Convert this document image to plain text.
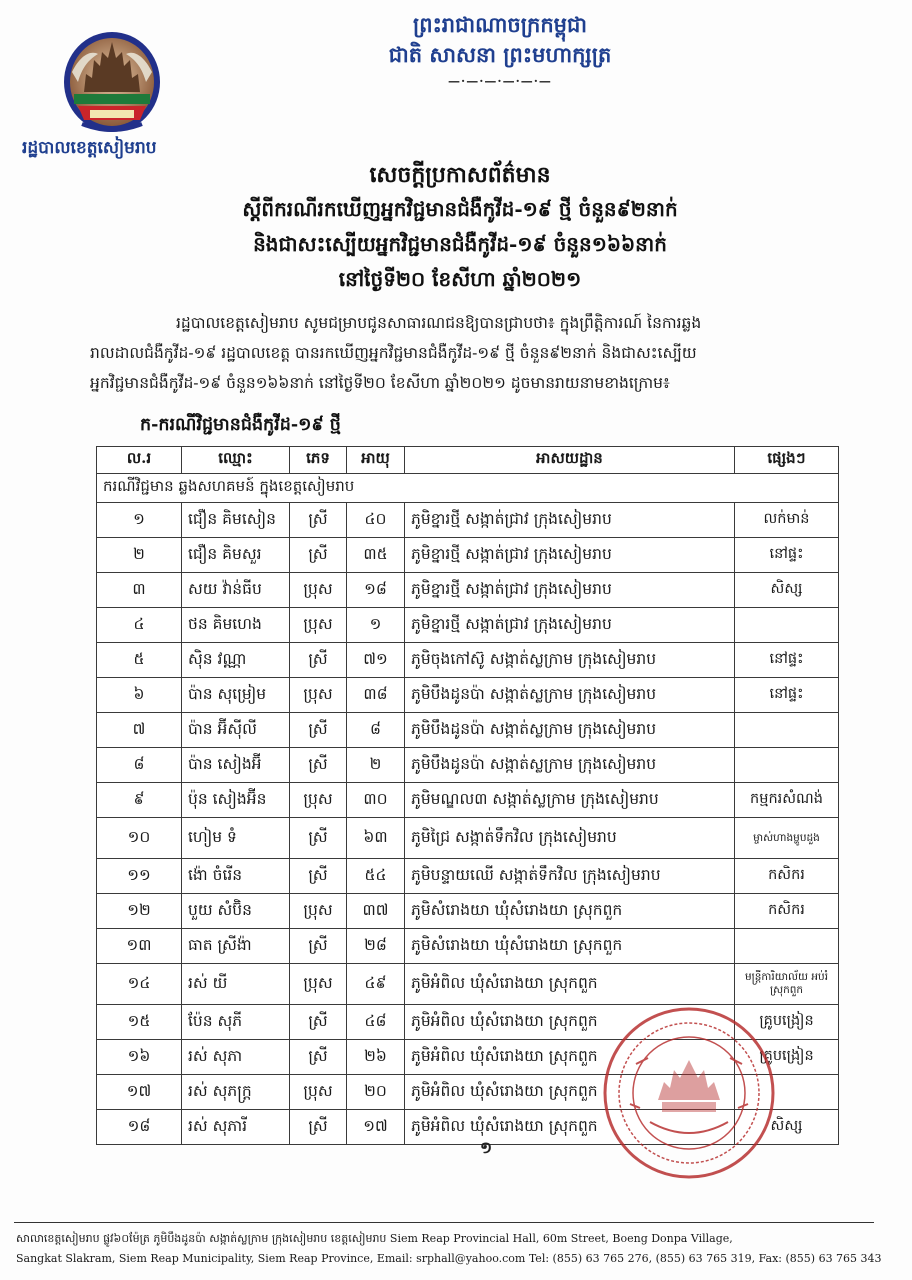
រដ្ឋបាលខេត្តសៀមរាប
ព្រះរាជាណាចក្រកម្ពុជា
ជាតិ សាសនា ព្រះមហាក្សត្រ
—·—·—·—·—·—
សេចក្តីប្រកាសព័ត៌មាន
ស្តីពីករណីរកឃើញអ្នកវិជ្ជមានជំងឺកូវីដ-១៩ ថ្មី ចំនួន៩២នាក់
និងជាសះស្បើយអ្នកវិជ្ជមានជំងឺកូវីដ-១៩ ចំនួន១៦៦នាក់
នៅថ្ងៃទី២០ ខែសីហា ឆ្នាំ២០២១
រដ្ឋបាលខេត្តសៀមរាប សូមជម្រាបជូនសាធារណជនឱ្យបានជ្រាបថា៖ ក្នុងព្រឹត្តិការណ៍ នៃការឆ្លង
រាលដាលជំងឺកូវីដ-១៩ រដ្ឋបាលខេត្ត បានរកឃើញអ្នកវិជ្ជមានជំងឺកូវីដ-១៩ ថ្មី ចំនួន៩២នាក់ និងជាសះស្បើយ
អ្នកវិជ្ជមានជំងឺកូវីដ-១៩ ចំនួន១៦៦នាក់ នៅថ្ងៃទី២០ ខែសីហា ឆ្នាំ២០២១ ដូចមានរាយនាមខាងក្រោម៖
ក-ករណីវិជ្ជមានជំងឺកូវីដ-១៩ ថ្មី
ល.រ	ឈ្មោះ	ភេទ	អាយុ	អាសយដ្ឋាន	ផ្សេងៗ
ករណីវិជ្ជមាន ឆ្លងសហគមន៍ ក្នុងខេត្តសៀមរាប					
១	ជឿន គិមសៀន	ស្រី	៤០	ភូមិខ្នារថ្មី សង្កាត់ជ្រាវ ក្រុងសៀមរាប	លក់មាន់
២	ជឿន គិមសួរ	ស្រី	៣៥	ភូមិខ្នារថ្មី សង្កាត់ជ្រាវ ក្រុងសៀមរាប	នៅផ្ទះ
៣	សយ វ៉ាន់ធីប	ប្រុស	១៨	ភូមិខ្នារថ្មី សង្កាត់ជ្រាវ ក្រុងសៀមរាប	សិស្ស
៤	ថន គិមហេង	ប្រុស	១	ភូមិខ្នារថ្មី សង្កាត់ជ្រាវ ក្រុងសៀមរាប	
៥	ស៊ិន វណ្ណា	ស្រី	៧១	ភូមិចុងកៅស៊ូ សង្កាត់ស្លក្រាម ក្រុងសៀមរាប	នៅផ្ទះ
៦	ប៉ាន សុម្រៀម	ប្រុស	៣៨	ភូមិបឹងដូនប៉ា សង្កាត់ស្លក្រាម ក្រុងសៀមរាប	នៅផ្ទះ
៧	ប៉ាន អ៊ីស៊ីលី	ស្រី	៨	ភូមិបឹងដូនប៉ា សង្កាត់ស្លក្រាម ក្រុងសៀមរាប	
៨	ប៉ាន សៀងអ៊ី	ស្រី	២	ភូមិបឹងដូនប៉ា សង្កាត់ស្លក្រាម ក្រុងសៀមរាប	
៩	ប៉ុន សៀងអ៊ីន	ប្រុស	៣០	ភូមិមណ្ឌល៣ សង្កាត់ស្លក្រាម ក្រុងសៀមរាប	កម្មករសំណង់
១០	ហៀម ទំ	ស្រី	៦៣	ភូមិជ្រៃ សង្កាត់ទឹកវិល ក្រុងសៀមរាប	ម្ចាស់ហាងម្ហូបដួង
១១	ង៉ោ ចំរើន	ស្រី	៥៤	ភូមិបន្ទាយឈើ សង្កាត់ទឹកវិល ក្រុងសៀមរាប	កសិករ
១២	បួយ សំប៊ិន	ប្រុស	៣៧	ភូមិសំរោងយា ឃុំសំរោងយា ស្រុកពួក	កសិករ
១៣	ធាត ស្រីង៉ា	ស្រី	២៨	ភូមិសំរោងយា ឃុំសំរោងយា ស្រុកពួក	
១៤	រស់ យី	ប្រុស	៤៩	ភូមិអំពិល ឃុំសំរោងយា ស្រុកពួក	មន្ត្រីការិយាល័យ អប់រំស្រុកពួក
១៥	ប៉ែន សុភី	ស្រី	៤៨	ភូមិអំពិល ឃុំសំរោងយា ស្រុកពួក	គ្រូបង្រៀន
១៦	រស់ សុភា	ស្រី	២៦	ភូមិអំពិល ឃុំសំរោងយា ស្រុកពួក	គ្រូបង្រៀន
១៧	រស់ សុភក្រ្ត	ប្រុស	២០	ភូមិអំពិល ឃុំសំរោងយា ស្រុកពួក	
១៨	រស់ សុភារី	ស្រី	១៧	ភូមិអំពិល ឃុំសំរោងយា ស្រុកពួក	សិស្ស
១
សាលាខេត្តសៀមរាប ផ្លូវ៦០ម៉ែត្រ ភូមិបឹងដូនប៉ា សង្កាត់ស្លក្រាម ក្រុងសៀមរាប ខេត្តសៀមរាប Siem Reap Provincial Hall, 60m Street, Boeng Donpa Village,
Sangkat Slakram, Siem Reap Municipality, Siem Reap Province, Email: srphall@yahoo.com Tel: (855) 63 765 276, (855) 63 765 319, Fax: (855) 63 765 343
